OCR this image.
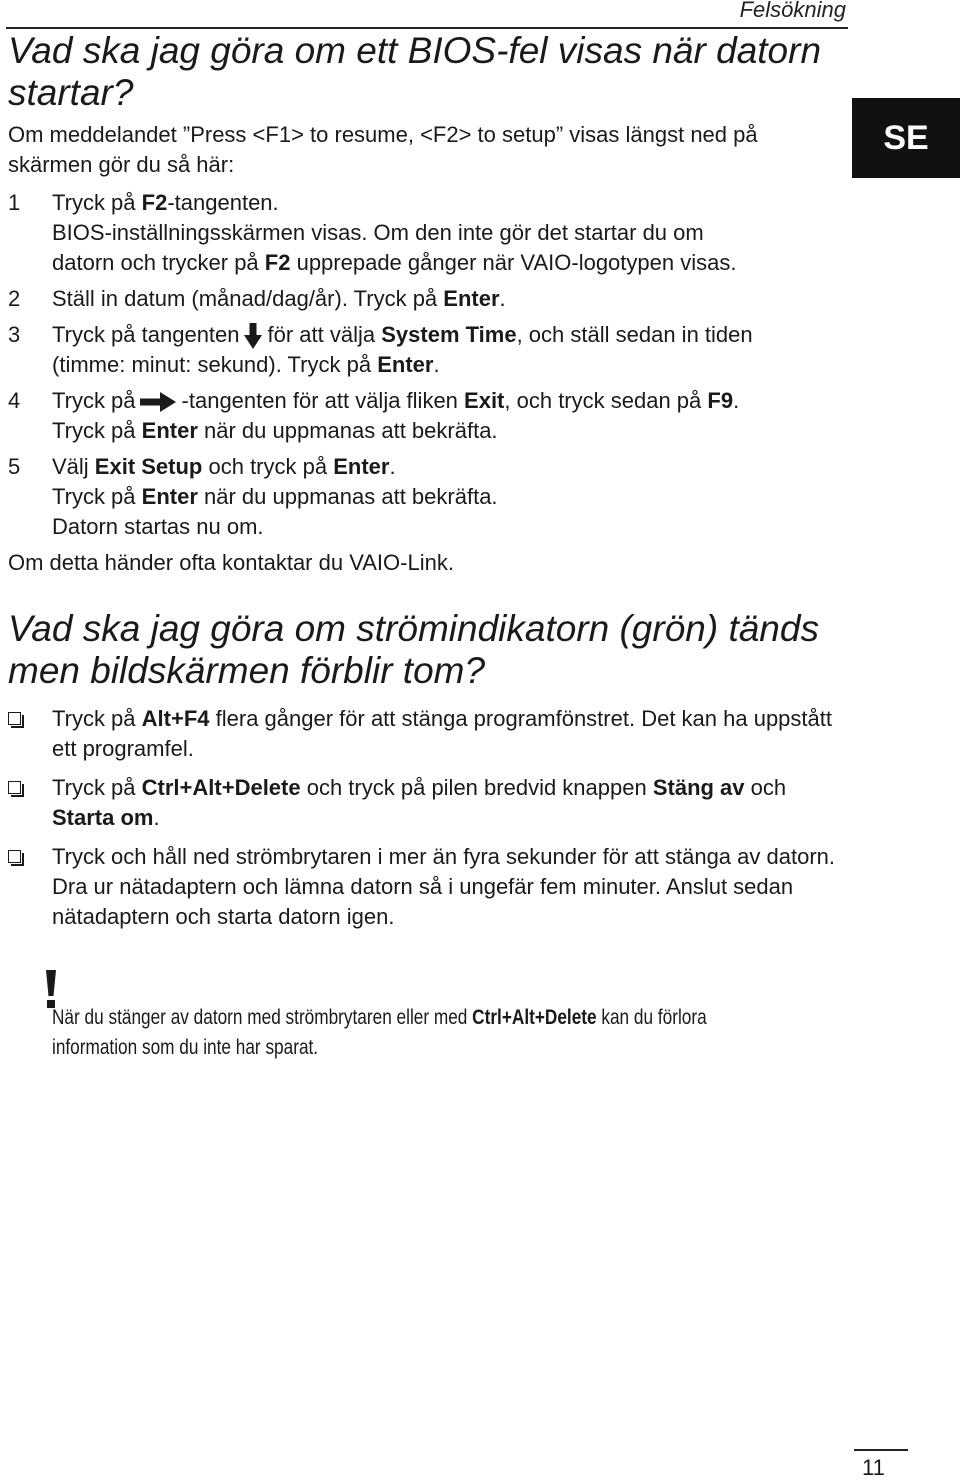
Felsökning
SE
Vad ska jag göra om ett BIOS-fel visas när datorn startar?

Om meddelandet ”Press <F1> to resume, <F2> to setup” visas längst ned på skärmen gör du så här:

1 Tryck på F2-tangenten.
BIOS-inställningsskärmen visas. Om den inte gör det startar du om
datorn och trycker på F2 upprepade gånger när VAIO-logotypen visas.
2 Ställ in datum (månad/dag/år). Tryck på Enter.
3 Tryck på tangenten för att välja System Time, och ställ sedan in tiden
(timme: minut: sekund). Tryck på Enter.
4 Tryck på -tangenten för att välja fliken Exit, och tryck sedan på F9.
Tryck på Enter när du uppmanas att bekräfta.
5 Välj Exit Setup och tryck på Enter.
Tryck på Enter när du uppmanas att bekräfta.
Datorn startas nu om.

Om detta händer ofta kontaktar du VAIO-Link.

Vad ska jag göra om strömindikatorn (grön) tänds men bildskärmen förblir tom?
Tryck på Alt+F4 flera gånger för att stänga programfönstret. Det kan ha uppstått ett programfel.
Tryck på Ctrl+Alt+Delete och tryck på pilen bredvid knappen Stäng av och Starta om.
Tryck och håll ned strömbrytaren i mer än fyra sekunder för att stänga av datorn. Dra ur nätadaptern och lämna datorn så i ungefär fem minuter. Anslut sedan nätadaptern och starta datorn igen.
När du stänger av datorn med strömbrytaren eller med Ctrl+Alt+Delete kan du förlora
information som du inte har sparat.
11
